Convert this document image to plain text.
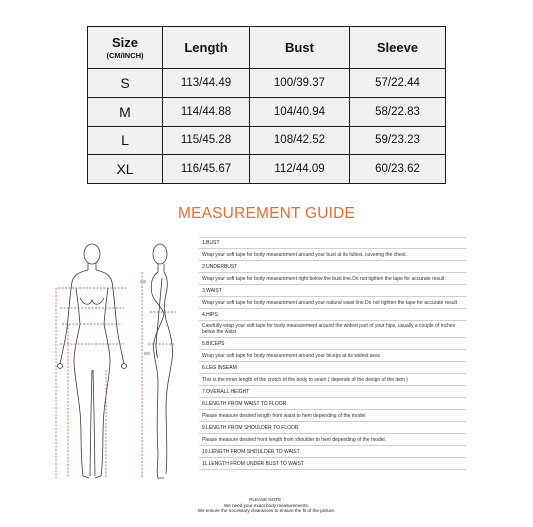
Size
(CM/INCH)	Length	Bust	Sleeve
S	113/44.49	100/39.37	57/22.44
M	114/44.88	104/40.94	58/22.83
L	115/45.28	108/42.52	59/23.23
XL	116/45.67	112/44.09	60/23.62
MEASUREMENT GUIDE
1.BUST
Wrap your soft tape for body measurement around your bust at its fullest, covering the chest.
2.UNDERBUST
Wrap your soft tape for body measurement right below the bust line.Do not tighten the tape for accurate result
3.WAIST
Wrap your soft tape for body measurement around your natural waist line.Do not tighten the tape for accurate result
4.HIPS
Carefully wrap your soft tape for body measurement around the widest part of your hips, usually a couple of inches below the waist
5.BICEPS
Wrap your soft tape for body measurement around your biceps at its widest area
6.LEG INSEAM
This is the inner length of the crotch of the body to seam ( depends of the design of the item )
7.OVERALL HEIGHT
8.LENGTH FROM WAIST TO FLOOR
Please measure desired length from waist to hem depending of the model
9.LENGTH FROM SHOULDER TO FLOOR
Please measure desired front length from shoulder to hem depending of the model.
10.LENGTH FROM SHOULDER TO WAIST
11.LENGTH FROM UNDER BUST TO WAIST
PLEASE NOTE :
We need your exact body measurements.
We ensure the necessary clearances to ensure the fit of the picture.
